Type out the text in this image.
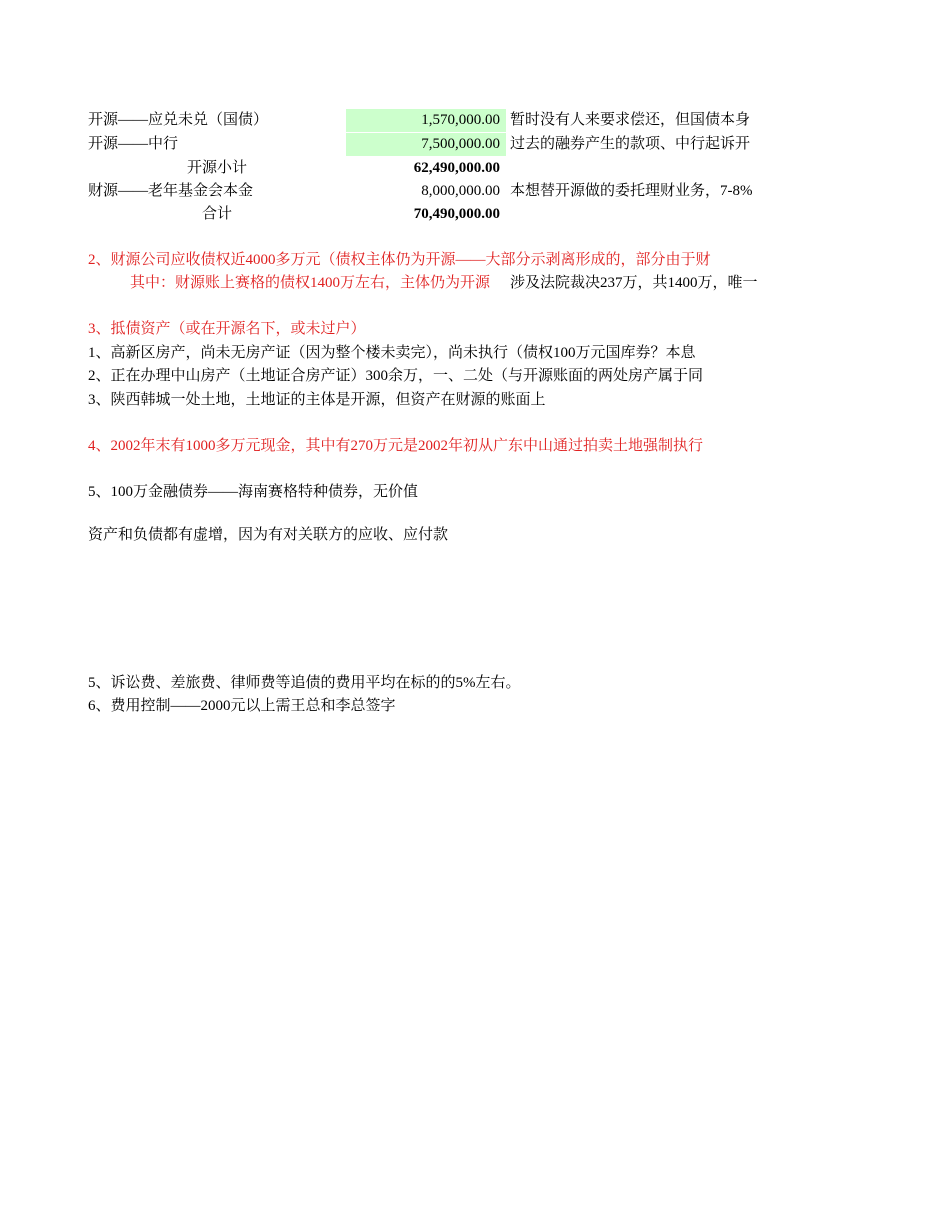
开源——应兑未兑（国债）	1,570,000.00 暂时没有人来要求偿还，但国债本身
开源——中行	7,500,000.00 过去的融券产生的款项、中行起诉开
开源小计	62,490,000.00
财源——老年基金会本金	8,000,000.00 本想替开源做的委托理财业务，7-8%
合计	70,490,000.00
2、财源公司应收债权近4000多万元（债权主体仍为开源——大部分示剥离形成的，部分由于财
其中：财源账上赛格的债权1400万左右，主体仍为开源	涉及法院裁决237万，共1400万，唯一
3、抵债资产（或在开源名下，或未过户）
1、高新区房产，尚未无房产证（因为整个楼未卖完），尚未执行（债权100万元国库券？本息
2、正在办理中山房产（土地证合房产证）300余万，一、二处（与开源账面的两处房产属于同
3、陕西韩城一处土地，土地证的主体是开源，但资产在财源的账面上
4、2002年末有1000多万元现金，其中有270万元是2002年初从广东中山通过拍卖土地强制执行
5、100万金融债券——海南赛格特种债券，无价值
资产和负债都有虚增，因为有对关联方的应收、应付款
5、诉讼费、差旅费、律师费等追债的费用平均在标的的5%左右。
6、费用控制——2000元以上需王总和李总签字
